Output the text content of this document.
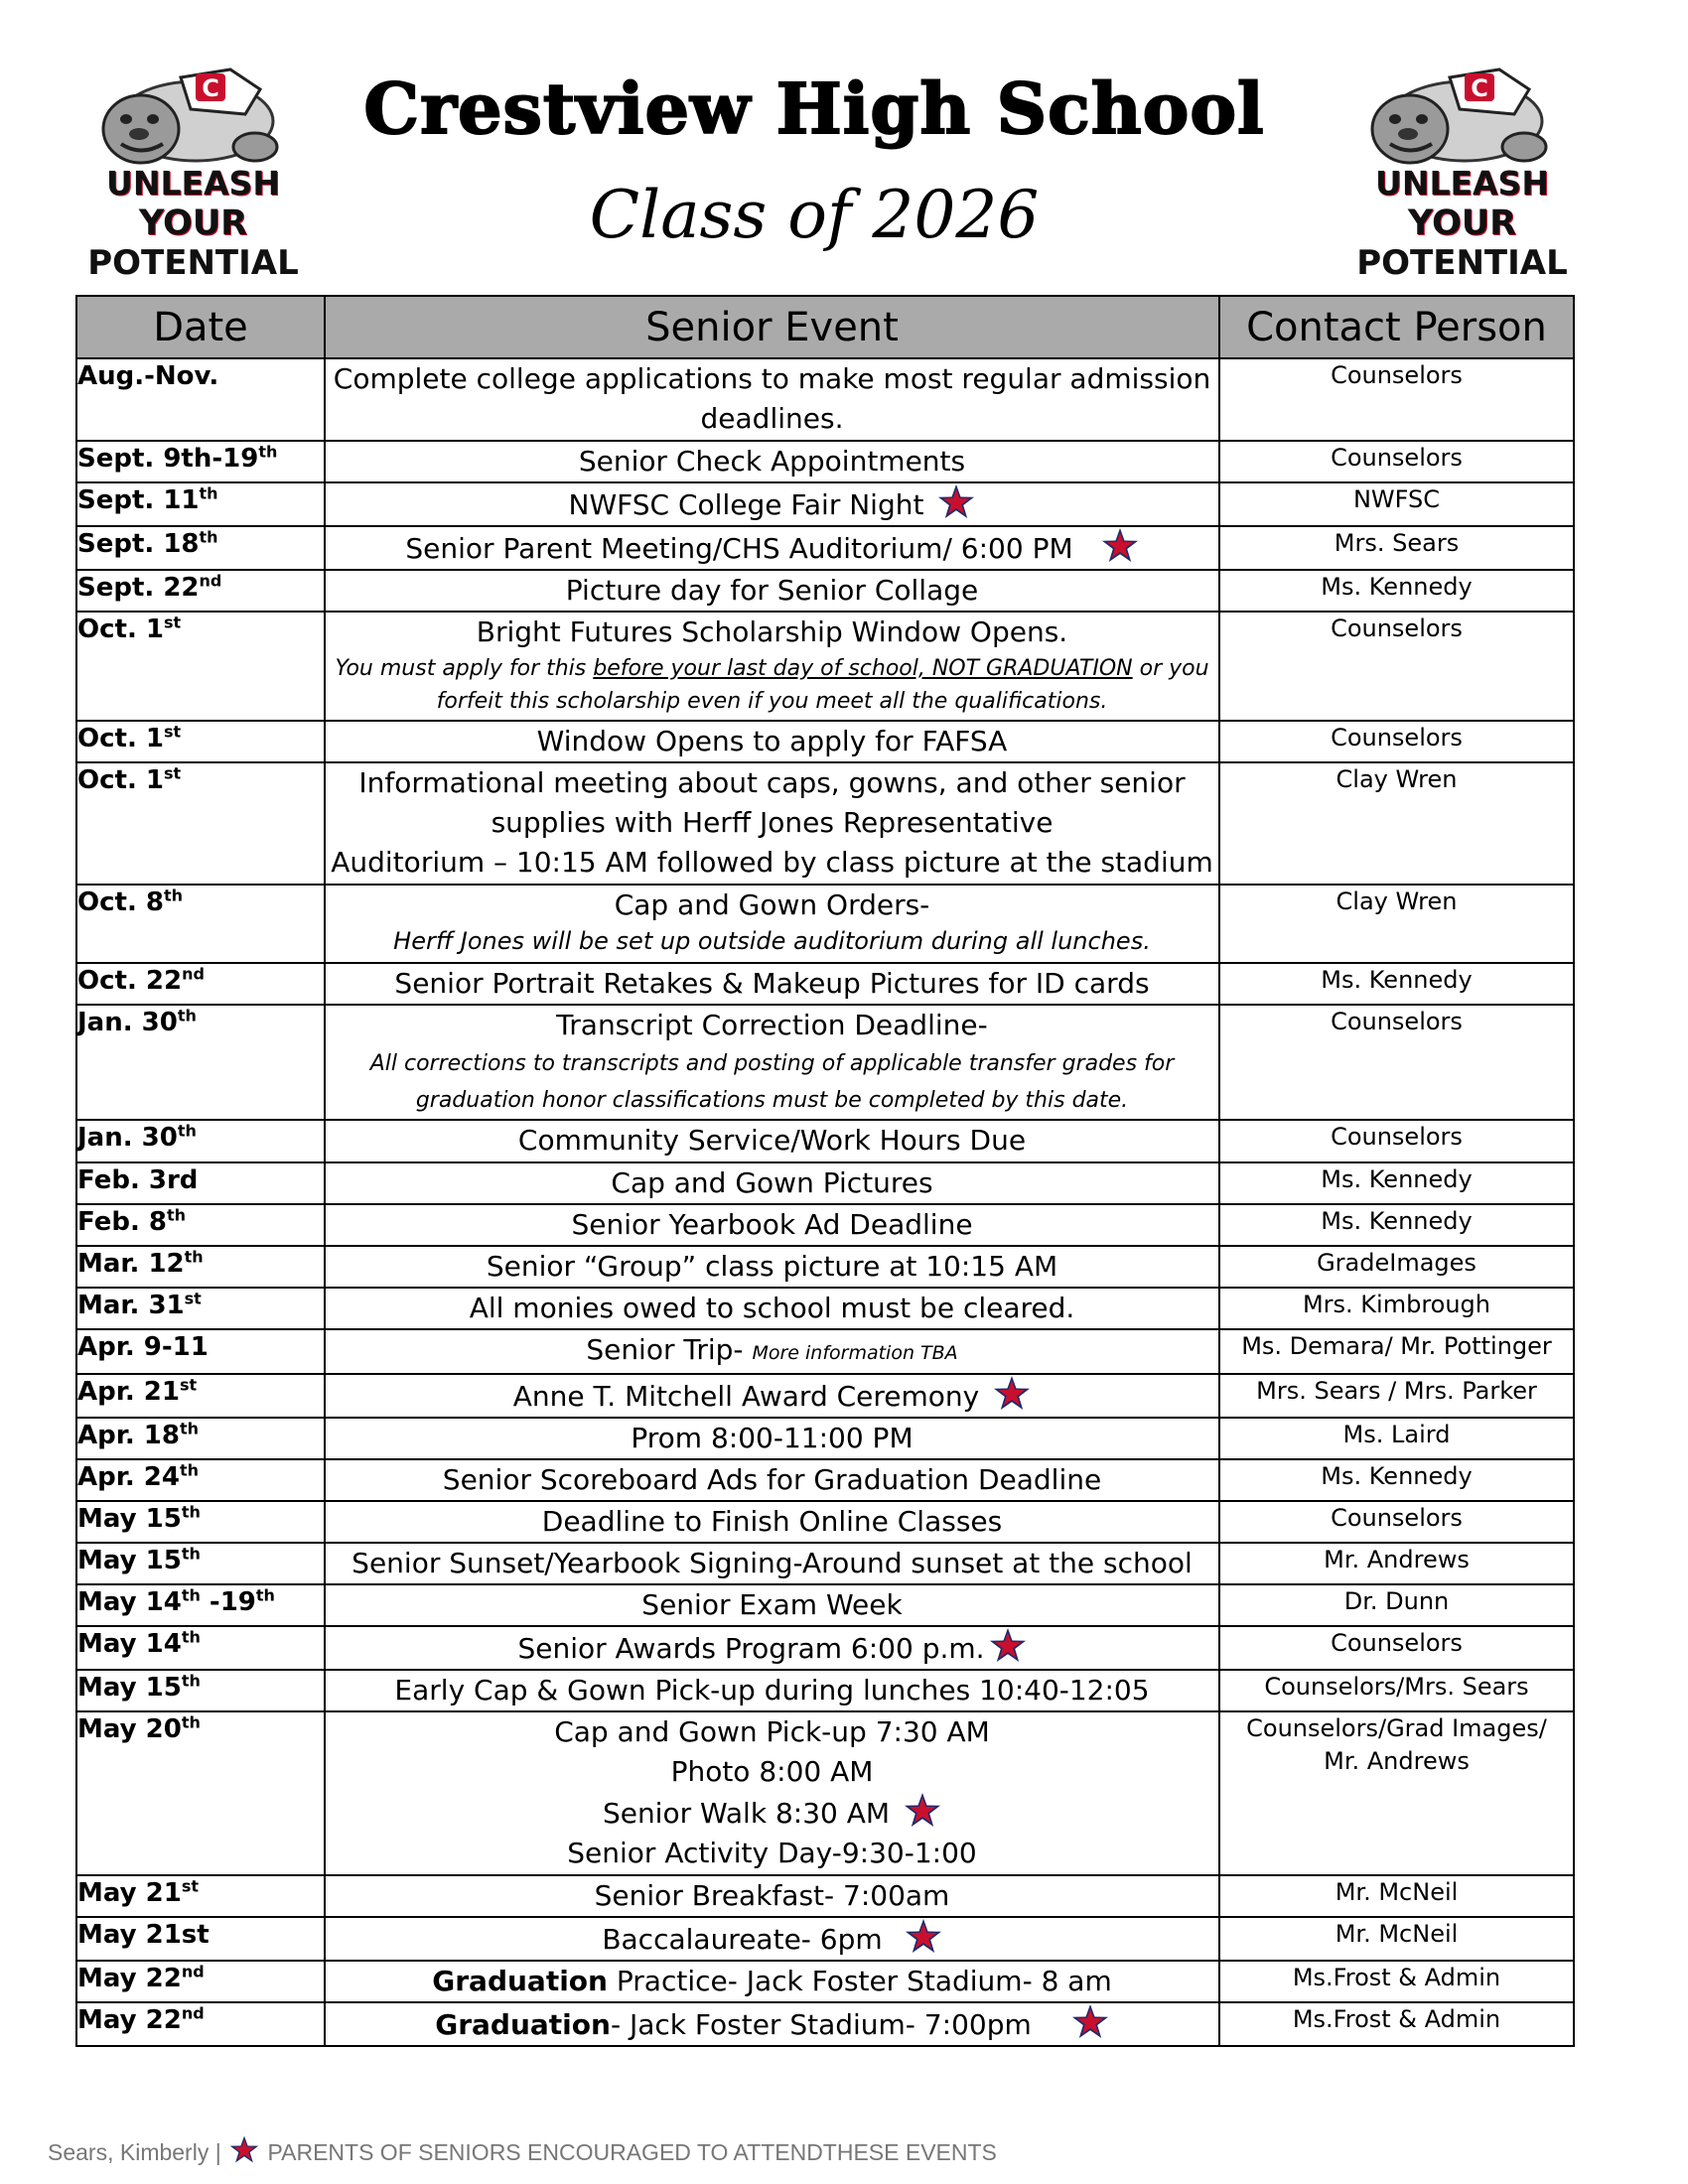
C
UNLEASH
YOUR
POTENTIAL
C
UNLEASH
YOUR
POTENTIAL
Crestview High School
Class of 2026
Date	Senior Event	Contact Person
Aug.-Nov.	Complete college applications to make most regular admission deadlines.	Counselors
Sept. 9th-19th	Senior Check Appointments	Counselors
Sept. 11th	NWFSC College Fair Night	NWFSC
Sept. 18th	Senior Parent Meeting/CHS Auditorium/ 6:00 PM	Mrs. Sears
Sept. 22nd	Picture day for Senior Collage	Ms. Kennedy
Oct. 1st	Bright Futures Scholarship Window Opens.
You must apply for this before your last day of school, NOT GRADUATION or you forfeit this scholarship even if you meet all the qualifications.	Counselors
Oct. 1st	Window Opens to apply for FAFSA	Counselors
Oct. 1st	Informational meeting about caps, gowns, and other senior supplies with Herff Jones Representative
Auditorium – 10:15 AM followed by class picture at the stadium	Clay Wren
Oct. 8th	Cap and Gown Orders-
Herff Jones will be set up outside auditorium during all lunches.	Clay Wren
Oct. 22nd	Senior Portrait Retakes & Makeup Pictures for ID cards	Ms. Kennedy
Jan. 30th	Transcript Correction Deadline-
All corrections to transcripts and posting of applicable transfer grades for graduation honor classifications must be completed by this date.	Counselors
Jan. 30th	Community Service/Work Hours Due	Counselors
Feb. 3rd	Cap and Gown Pictures	Ms. Kennedy
Feb. 8th	Senior Yearbook Ad Deadline	Ms. Kennedy
Mar. 12th	Senior “Group” class picture at 10:15 AM	GradeImages
Mar. 31st	All monies owed to school must be cleared.	Mrs. Kimbrough
Apr. 9-11	Senior Trip- More information TBA	Ms. Demara/ Mr. Pottinger
Apr. 21st	Anne T. Mitchell Award Ceremony	Mrs. Sears / Mrs. Parker
Apr. 18th	Prom 8:00-11:00 PM	Ms. Laird
Apr. 24th	Senior Scoreboard Ads for Graduation Deadline	Ms. Kennedy
May 15th	Deadline to Finish Online Classes	Counselors
May 15th	Senior Sunset/Yearbook Signing-Around sunset at the school	Mr. Andrews
May 14th -19th	Senior Exam Week	Dr. Dunn
May 14th	Senior Awards Program 6:00 p.m.	Counselors
May 15th	Early Cap & Gown Pick-up during lunches 10:40-12:05	Counselors/Mrs. Sears
May 20th	Cap and Gown Pick-up 7:30 AM
Photo 8:00 AM
Senior Walk 8:30 AM
Senior Activity Day-9:30-1:00	Counselors/Grad Images/ Mr. Andrews
May 21st	Senior Breakfast- 7:00am	Mr. McNeil
May 21st	Baccalaureate- 6pm	Mr. McNeil
May 22nd	Graduation Practice- Jack Foster Stadium- 8 am	Ms.Frost & Admin
May 22nd	Graduation- Jack Foster Stadium- 7:00pm	Ms.Frost & Admin
Sears, Kimberly | PARENTS OF SENIORS ENCOURAGED TO ATTENDTHESE EVENTS
